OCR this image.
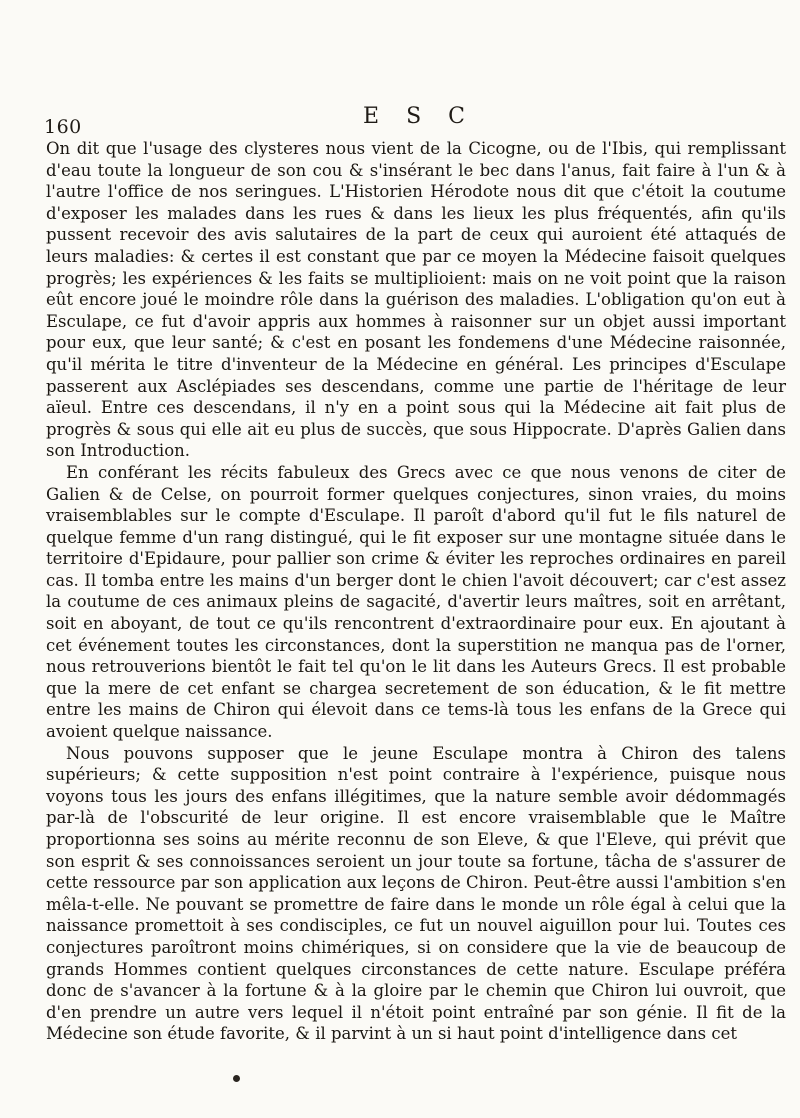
160	E S C

On dit que l'usage des clysteres nous vient de la Cicogne, ou de l'Ibis, qui remplissant d'eau toute la longueur de son cou & s'insérant le bec dans l'anus, fait faire à l'un & à l'autre l'office de nos seringues. L'Historien Hérodote nous dit que c'étoit la coutume d'exposer les malades dans les rues & dans les lieux les plus fréquentés, afin qu'ils pussent recevoir des avis salutaires de la part de ceux qui auroient été attaqués de leurs maladies: & certes il est constant que par ce moyen la Médecine faisoit quelques progrès; les expériences & les faits se multiplioient: mais on ne voit point que la raison eût encore joué le moindre rôle dans la guérison des maladies. L'obligation qu'on eut à Esculape, ce fut d'avoir appris aux hommes à raisonner sur un objet aussi important pour eux, que leur santé; & c'est en posant les fondemens d'une Médecine raisonnée, qu'il mérita le titre d'inventeur de la Médecine en général. Les principes d'Esculape passerent aux Asclépiades ses descendans, comme une partie de l'héritage de leur aïeul. Entre ces descendans, il n'y en a point sous qui la Médecine ait fait plus de progrès & sous qui elle ait eu plus de succès, que sous Hippocrate. D'après Galien dans son Introduction.

En conférant les récits fabuleux des Grecs avec ce que nous venons de citer de Galien & de Celse, on pourroit former quelques conjectures, sinon vraies, du moins vraisemblables sur le compte d'Esculape. Il paroît d'abord qu'il fut le fils naturel de quelque femme d'un rang distingué, qui le fit exposer sur une montagne située dans le territoire d'Epidaure, pour pallier son crime & éviter les reproches ordinaires en pareil cas. Il tomba entre les mains d'un berger dont le chien l'avoit découvert; car c'est assez la coutume de ces animaux pleins de sagacité, d'avertir leurs maîtres, soit en arrêtant, soit en aboyant, de tout ce qu'ils rencontrent d'extraordinaire pour eux. En ajoutant à cet événement toutes les circonstances, dont la superstition ne manqua pas de l'orner, nous retrouverions bientôt le fait tel qu'on le lit dans les Auteurs Grecs. Il est probable que la mere de cet enfant se chargea secretement de son éducation, & le fit mettre entre les mains de Chiron qui élevoit dans ce tems-là tous les enfans de la Grece qui avoient quelque naissance.

Nous pouvons supposer que le jeune Esculape montra à Chiron des talens supérieurs; & cette supposition n'est point contraire à l'expérience, puisque nous voyons tous les jours des enfans illégitimes, que la nature semble avoir dédommagés par-là de l'obscurité de leur origine. Il est encore vraisemblable que le Maître proportionna ses soins au mérite reconnu de son Eleve, & que l'Eleve, qui prévit que son esprit & ses connoissances seroient un jour toute sa fortune, tâcha de s'assurer de cette ressource par son application aux leçons de Chiron. Peut-être aussi l'ambition s'en mêla-t-elle. Ne pouvant se promettre de faire dans le monde un rôle égal à celui que la naissance promettoit à ses condisciples, ce fut un nouvel aiguillon pour lui. Toutes ces conjectures paroîtront moins chimériques, si on considere que la vie de beaucoup de grands Hommes contient quelques circonstances de cette nature. Esculape préféra donc de s'avancer à la fortune & à la gloire par le chemin que Chiron lui ouvroit, que d'en prendre un autre vers lequel il n'étoit point entraîné par son génie. Il fit de la Médecine son étude favorite, & il parvint à un si haut point d'intelligence dans cet
